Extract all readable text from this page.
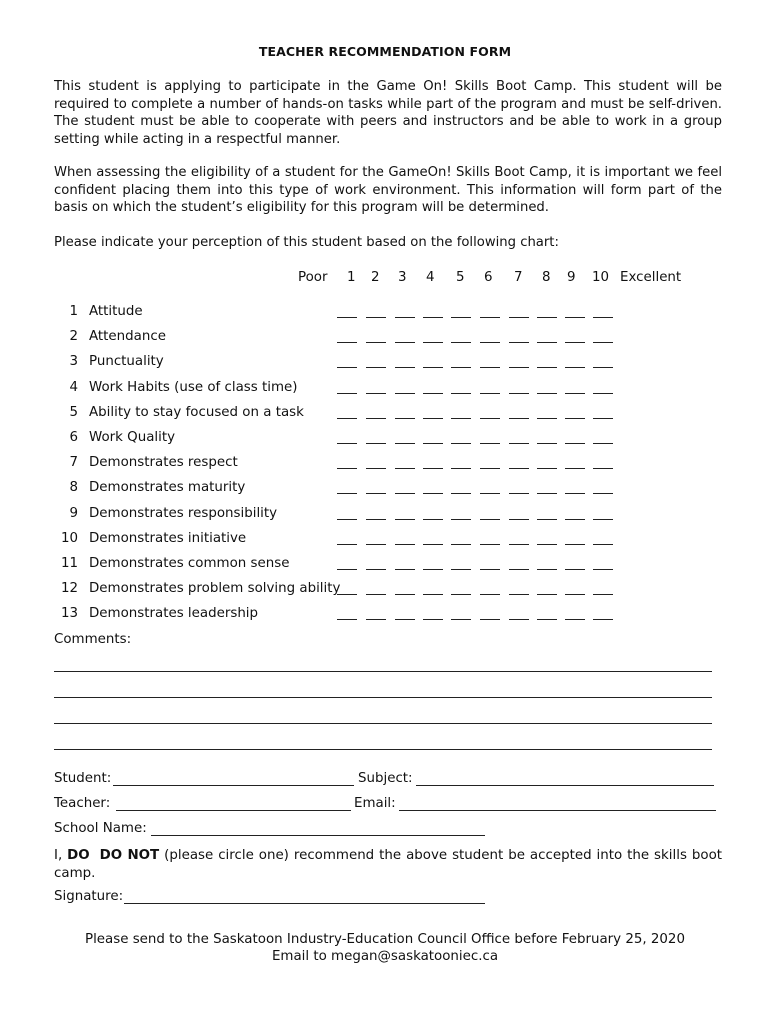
TEACHER RECOMMENDATION FORM
This student is applying to participate in the Game On! Skills Boot Camp. This student will be required to complete a number of hands-on tasks while part of the program and must be self-driven. The student must be able to cooperate with peers and instructors and be able to work in a group setting while acting in a respectful manner.
When assessing the eligibility of a student for the GameOn! Skills Boot Camp, it is important we feel confident placing them into this type of work environment. This information will form part of the basis on which the student’s eligibility for this program will be determined.
Please indicate your perception of this student based on the following chart:
Poor 1 2 3 4 5 6 7 8 9 10 Excellent
1 Attitude
2 Attendance
3 Punctuality
4 Work Habits (use of class time)
5 Ability to stay focused on a task
6 Work Quality
7 Demonstrates respect
8 Demonstrates maturity
9 Demonstrates responsibility
10 Demonstrates initiative
11 Demonstrates common sense
12 Demonstrates problem solving ability
13 Demonstrates leadership
Comments:
Student:	Subject:
Teacher:	Email:
School Name:
I, DO DO NOT (please circle one) recommend the above student be accepted into the skills boot camp.
Signature:
Please send to the Saskatoon Industry-Education Council Office before February 25, 2020
Email to megan@saskatooniec.ca
